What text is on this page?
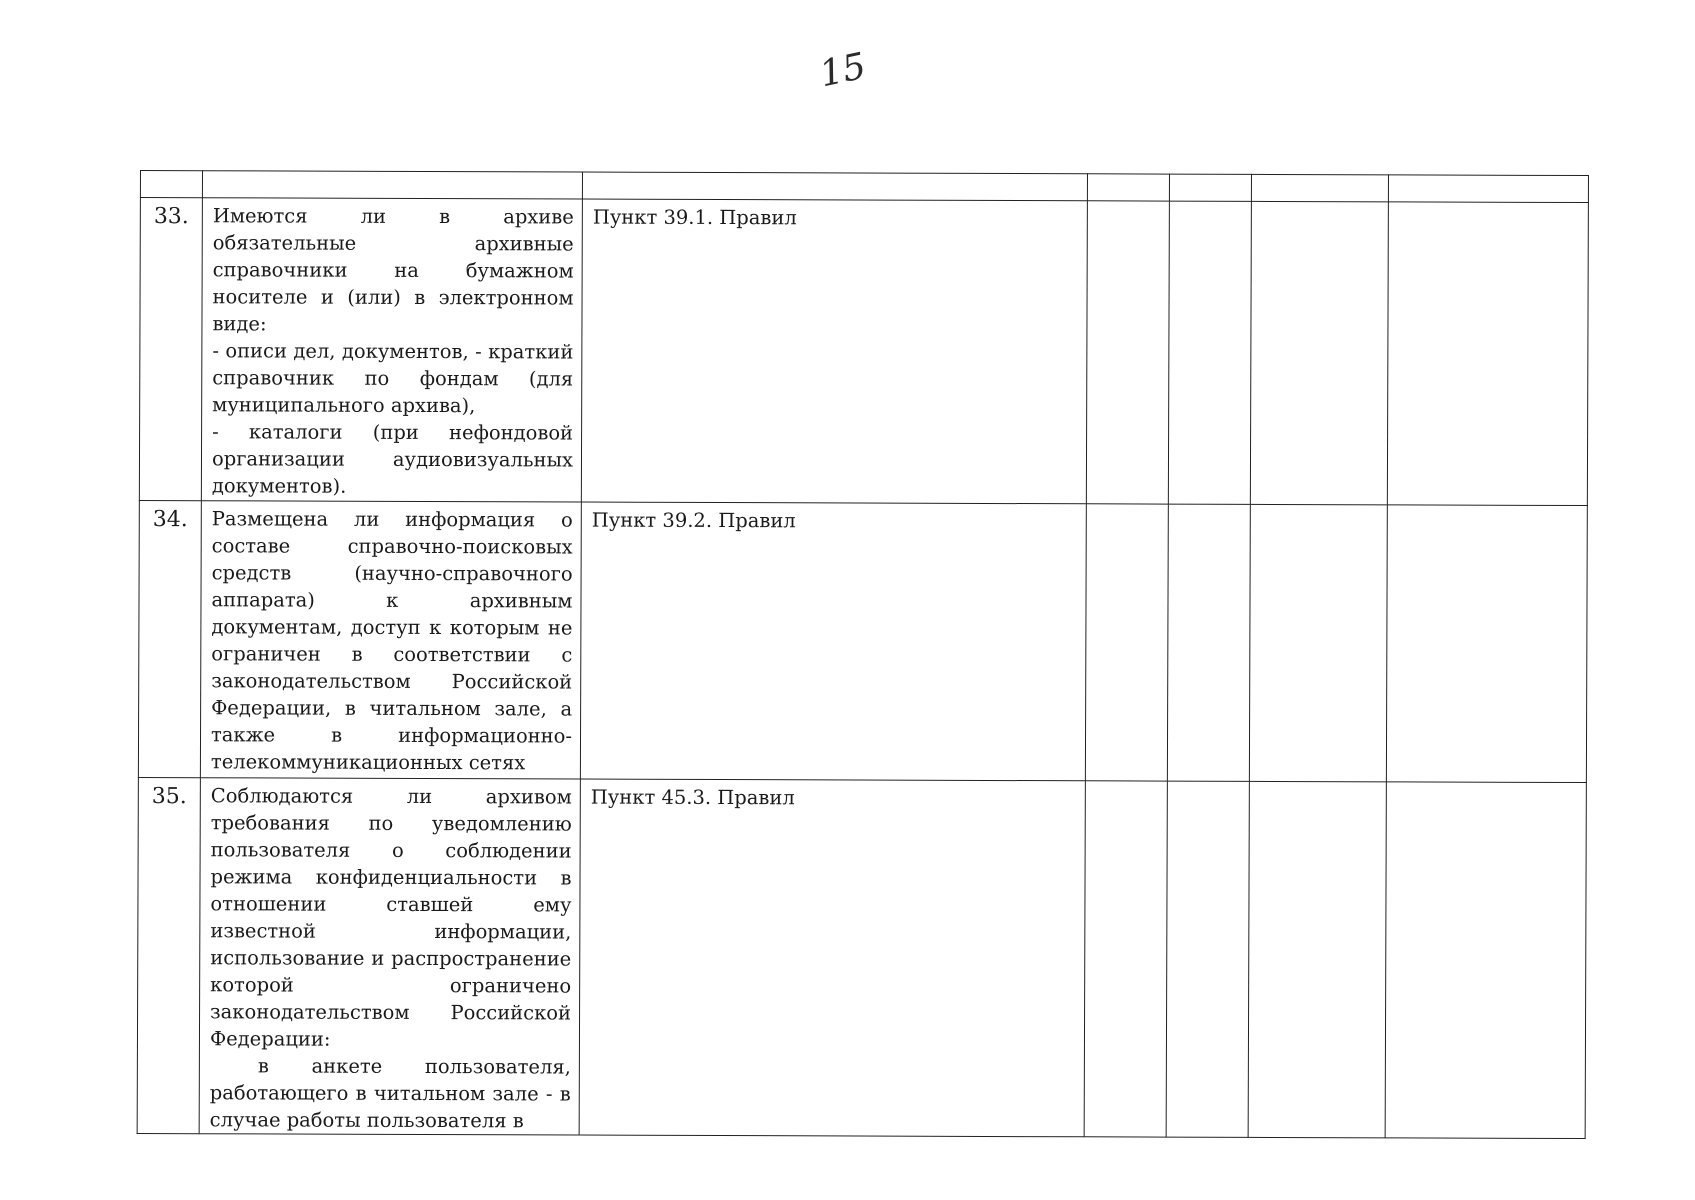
15

33.	Имеются ли в архиве обязательные архивные справочники на бумажном носителе и (или) в электронном виде:
- описи дел, документов, - краткий справочник по фондам (для муниципального архива),
- каталоги (при нефондовой организации аудиовизуальных документов).	Пункт 39.1. Правил				
34.	Размещена ли информация о составе справочно-поисковых средств (научно-справочного аппарата) к архивным документам, доступ к которым не ограничен в соответствии с законодательством Российской Федерации, в читальном зале, а также в информационно-телекоммуникационных сетях	Пункт 39.2. Правил				
35.	Соблюдаются ли архивом требования по уведомлению пользователя о соблюдении режима конфиденциальности в отношении ставшей ему известной информации, использование и распространение которой ограничено законодательством Российской Федерации:
в анкете пользователя, работающего в читальном зале - в случае работы пользователя в	Пункт 45.3. Правил				
